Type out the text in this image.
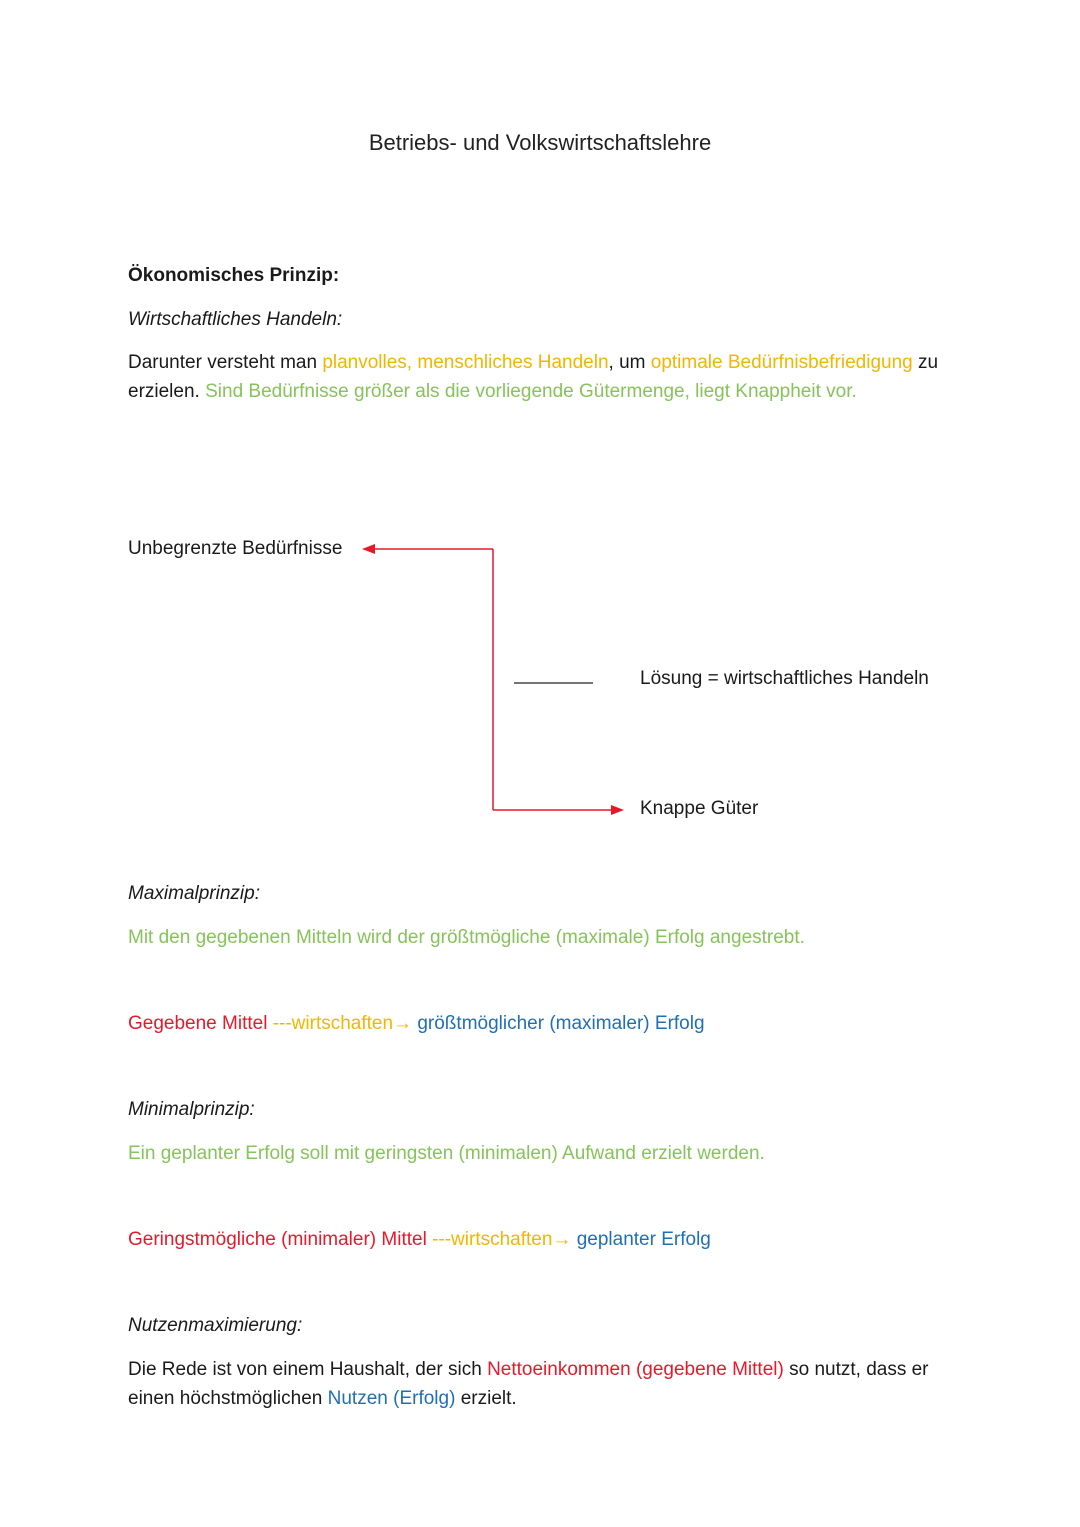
Betriebs- und Volkswirtschaftslehre
Ökonomisches Prinzip:
Wirtschaftliches Handeln:
Darunter versteht man planvolles, menschliches Handeln, um optimale Bedürfnisbefriedigung zu erzielen. Sind Bedürfnisse größer als die vorliegende Gütermenge, liegt Knappheit vor.
Unbegrenzte Bedürfnisse
Lösung = wirtschaftliches Handeln
Knappe Güter
Maximalprinzip:
Mit den gegebenen Mitteln wird der größtmögliche (maximale) Erfolg angestrebt.
Gegebene Mittel ---wirtschaften→ größtmöglicher (maximaler) Erfolg
Minimalprinzip:
Ein geplanter Erfolg soll mit geringsten (minimalen) Aufwand erzielt werden.
Geringstmögliche (minimaler) Mittel ---wirtschaften→ geplanter Erfolg
Nutzenmaximierung:
Die Rede ist von einem Haushalt, der sich Nettoeinkommen (gegebene Mittel) so nutzt, dass er einen höchstmöglichen Nutzen (Erfolg) erzielt.
